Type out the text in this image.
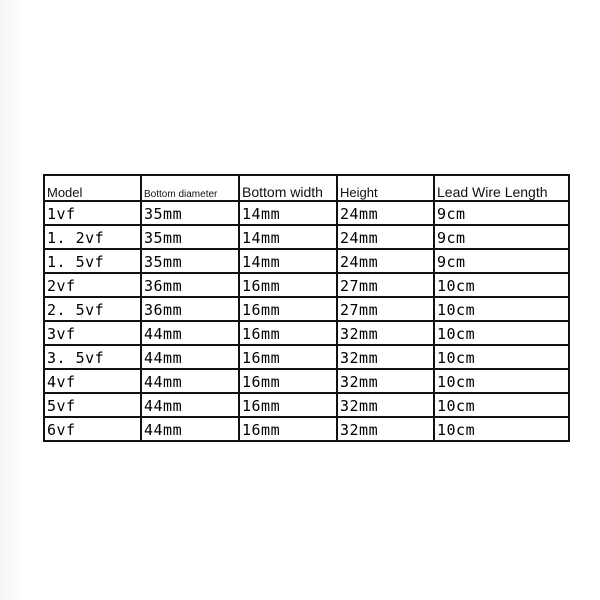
Model	Bottom diameter	Bottom width	Height	Lead Wire Length
1vf	35mm	14mm	24mm	9cm
1. 2vf	35mm	14mm	24mm	9cm
1. 5vf	35mm	14mm	24mm	9cm
2vf	36mm	16mm	27mm	10cm
2. 5vf	36mm	16mm	27mm	10cm
3vf	44mm	16mm	32mm	10cm
3. 5vf	44mm	16mm	32mm	10cm
4vf	44mm	16mm	32mm	10cm
5vf	44mm	16mm	32mm	10cm
6vf	44mm	16mm	32mm	10cm
